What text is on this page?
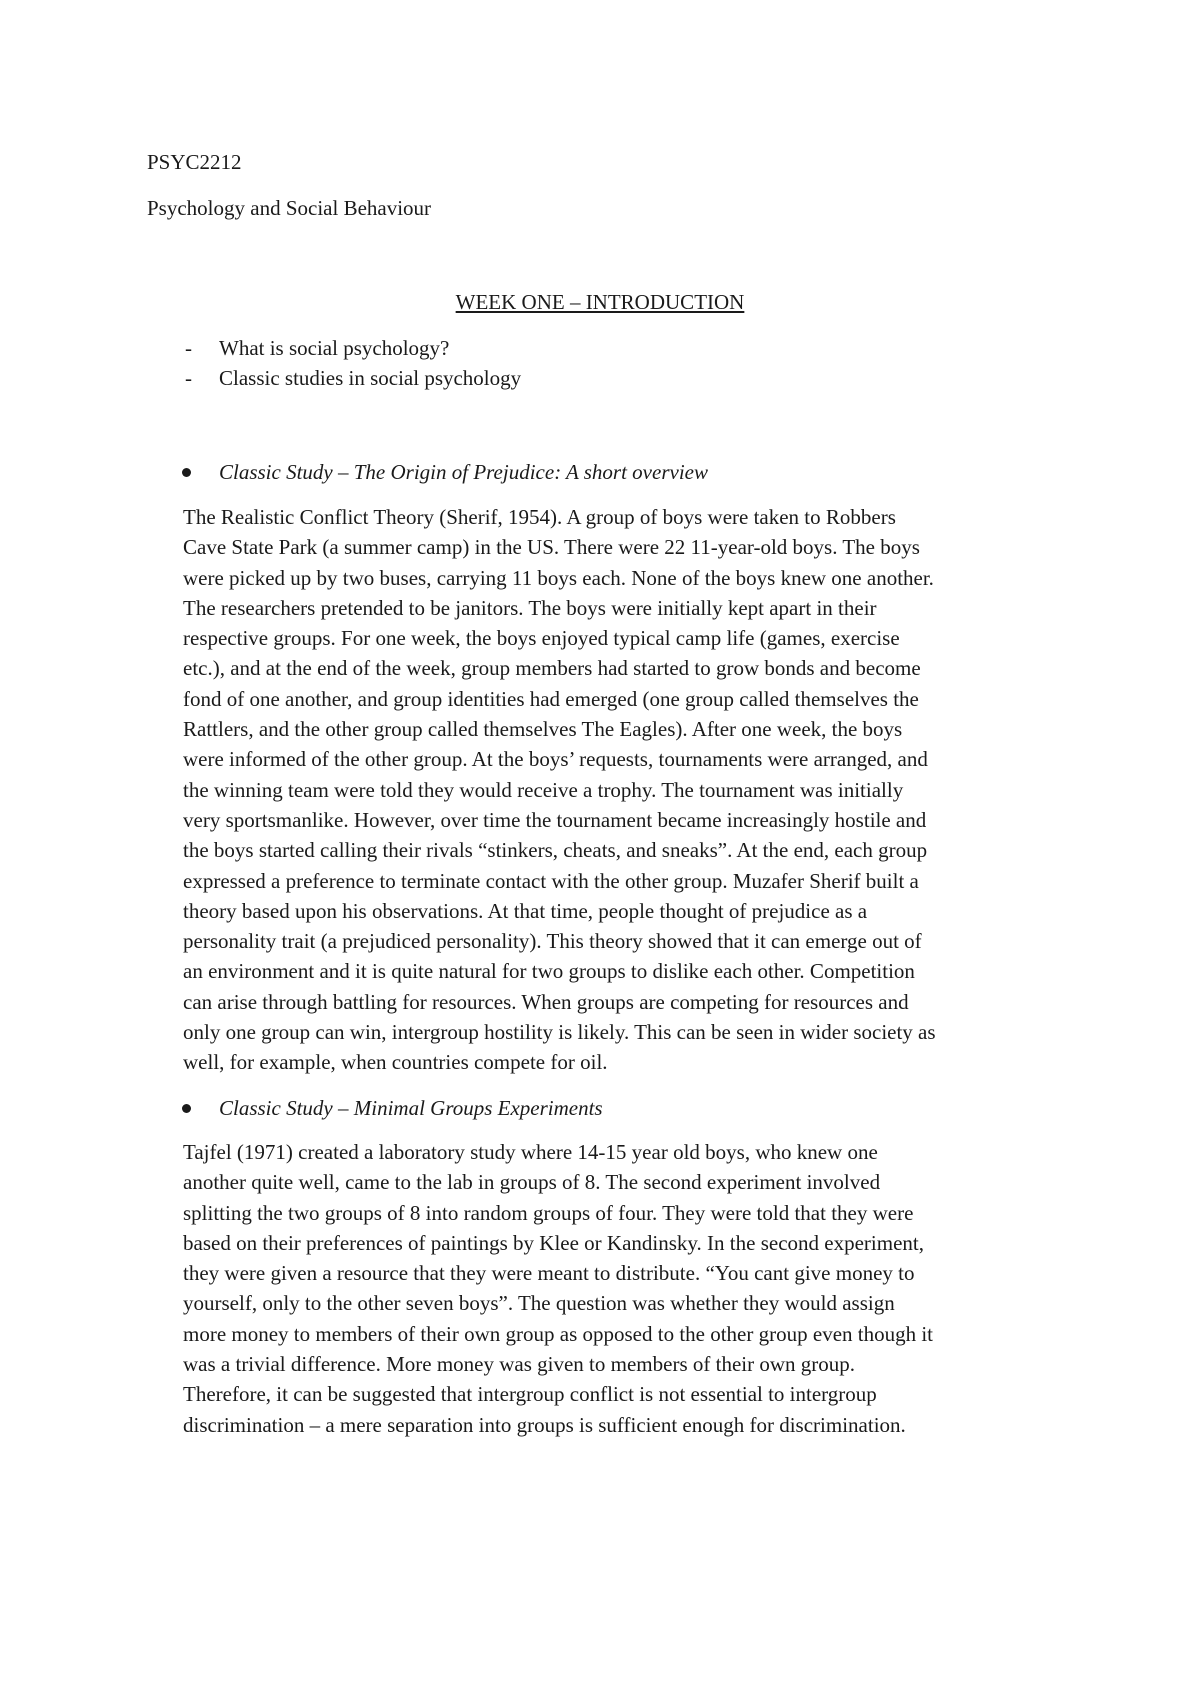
PSYC2212
Psychology and Social Behaviour
WEEK ONE – INTRODUCTION
- What is social psychology?
- Classic studies in social psychology
Classic Study – The Origin of Prejudice: A short overview
The Realistic Conflict Theory (Sherif, 1954). A group of boys were taken to Robbers
Cave State Park (a summer camp) in the US. There were 22 11-year-old boys. The boys
were picked up by two buses, carrying 11 boys each. None of the boys knew one another.
The researchers pretended to be janitors. The boys were initially kept apart in their
respective groups. For one week, the boys enjoyed typical camp life (games, exercise
etc.), and at the end of the week, group members had started to grow bonds and become
fond of one another, and group identities had emerged (one group called themselves the
Rattlers, and the other group called themselves The Eagles). After one week, the boys
were informed of the other group. At the boys’ requests, tournaments were arranged, and
the winning team were told they would receive a trophy. The tournament was initially
very sportsmanlike. However, over time the tournament became increasingly hostile and
the boys started calling their rivals “stinkers, cheats, and sneaks”. At the end, each group
expressed a preference to terminate contact with the other group. Muzafer Sherif built a
theory based upon his observations. At that time, people thought of prejudice as a
personality trait (a prejudiced personality). This theory showed that it can emerge out of
an environment and it is quite natural for two groups to dislike each other. Competition
can arise through battling for resources. When groups are competing for resources and
only one group can win, intergroup hostility is likely. This can be seen in wider society as
well, for example, when countries compete for oil.
Classic Study – Minimal Groups Experiments
Tajfel (1971) created a laboratory study where 14-15 year old boys, who knew one
another quite well, came to the lab in groups of 8. The second experiment involved
splitting the two groups of 8 into random groups of four. They were told that they were
based on their preferences of paintings by Klee or Kandinsky. In the second experiment,
they were given a resource that they were meant to distribute. “You cant give money to
yourself, only to the other seven boys”. The question was whether they would assign
more money to members of their own group as opposed to the other group even though it
was a trivial difference. More money was given to members of their own group.
Therefore, it can be suggested that intergroup conflict is not essential to intergroup
discrimination – a mere separation into groups is sufficient enough for discrimination.
